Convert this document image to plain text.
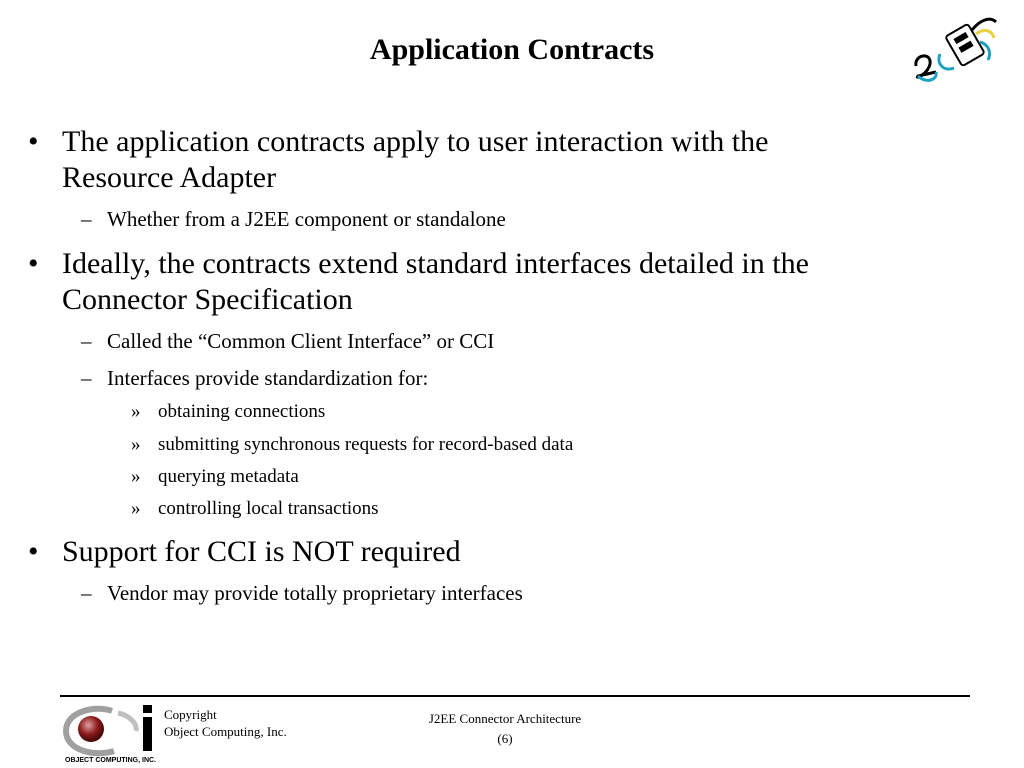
Application Contracts
• The application contracts apply to user interaction with the
Resource Adapter
– Whether from a J2EE component or standalone
• Ideally, the contracts extend standard interfaces detailed in the
Connector Specification
– Called the “Common Client Interface” or CCI
– Interfaces provide standardization for:
» obtaining connections
» submitting synchronous requests for record-based data
» querying metadata
» controlling local transactions
• Support for CCI is NOT required
– Vendor may provide totally proprietary interfaces
OBJECT COMPUTING, INC.
Copyright
Object Computing, Inc.
J2EE Connector Architecture
(6)
